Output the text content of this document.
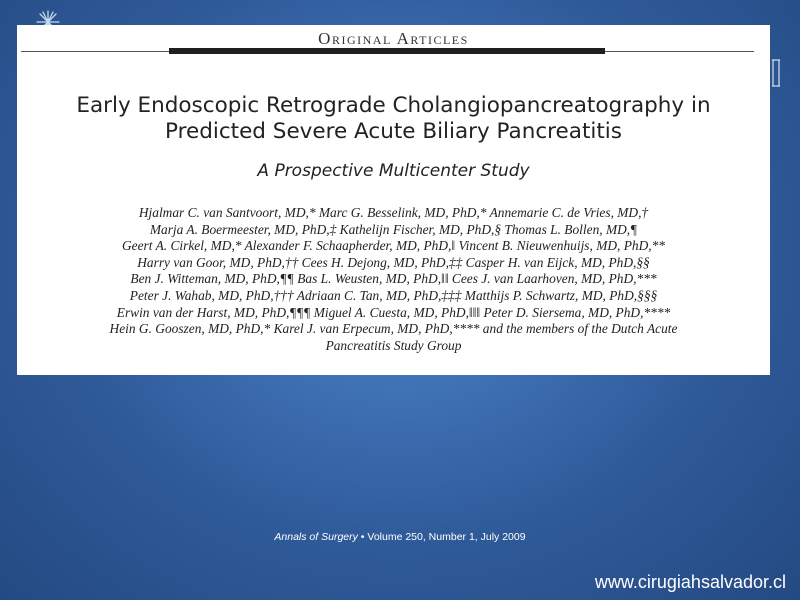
Original Articles
Early Endoscopic Retrograde Cholangiopancreatography in
Predicted Severe Acute Biliary Pancreatitis
A Prospective Multicenter Study
Hjalmar C. van Santvoort, MD,* Marc G. Besselink, MD, PhD,* Annemarie C. de Vries, MD,†
Marja A. Boermeester, MD, PhD,‡ Kathelijn Fischer, MD, PhD,§ Thomas L. Bollen, MD,¶
Geert A. Cirkel, MD,* Alexander F. Schaapherder, MD, PhD,‖ Vincent B. Nieuwenhuijs, MD, PhD,**
Harry van Goor, MD, PhD,†† Cees H. Dejong, MD, PhD,‡‡ Casper H. van Eijck, MD, PhD,§§
Ben J. Witteman, MD, PhD,¶¶ Bas L. Weusten, MD, PhD,‖‖ Cees J. van Laarhoven, MD, PhD,***
Peter J. Wahab, MD, PhD,††† Adriaan C. Tan, MD, PhD,‡‡‡ Matthijs P. Schwartz, MD, PhD,§§§
Erwin van der Harst, MD, PhD,¶¶¶ Miguel A. Cuesta, MD, PhD,‖‖‖ Peter D. Siersema, MD, PhD,****
Hein G. Gooszen, MD, PhD,* Karel J. van Erpecum, MD, PhD,**** and the members of the Dutch Acute
Pancreatitis Study Group
Annals of Surgery • Volume 250, Number 1, July 2009
www.cirugiahsalvador.cl
